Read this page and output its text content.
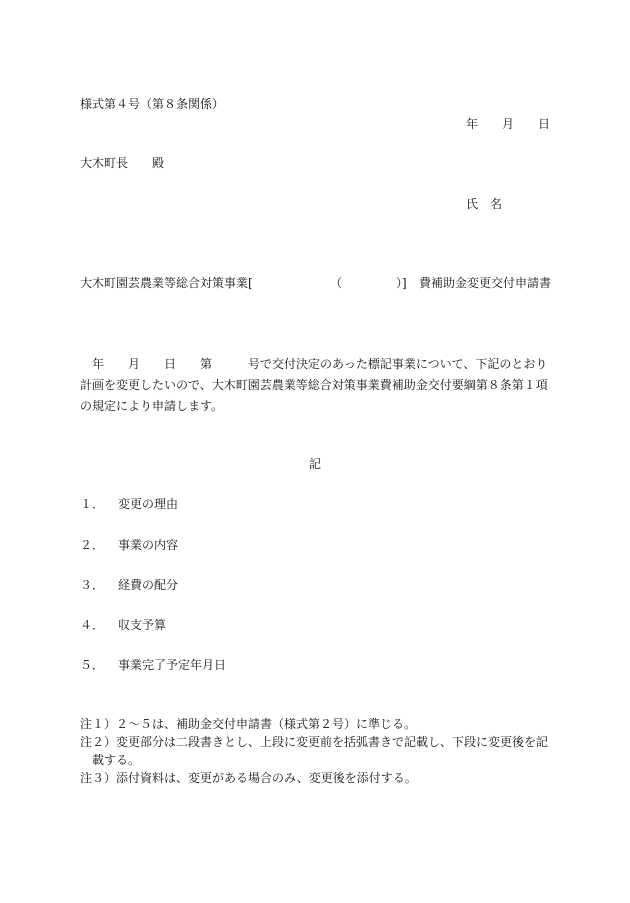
様式第４号（第８条関係）
年　　月　　日
大木町長　　殿
氏　名
大木町園芸農業等総合対策事業[	（	）] 費補助金変更交付申請書
　年　　月　　日　　第　　　号で交付決定のあった標記事業について、下記のとおり
計画を変更したいので、大木町園芸農業等総合対策事業費補助金交付要綱第８条第１項
の規定により申請します。
記
１． 変更の理由
２． 事業の内容
３． 経費の配分
４． 収支予算
５． 事業完了予定年月日
注１）２～５は、補助金交付申請書（様式第２号）に準じる。
注２）変更部分は二段書きとし、上段に変更前を括弧書きで記載し、下段に変更後を記
　載する。
注３）添付資料は、変更がある場合のみ、変更後を添付する。
